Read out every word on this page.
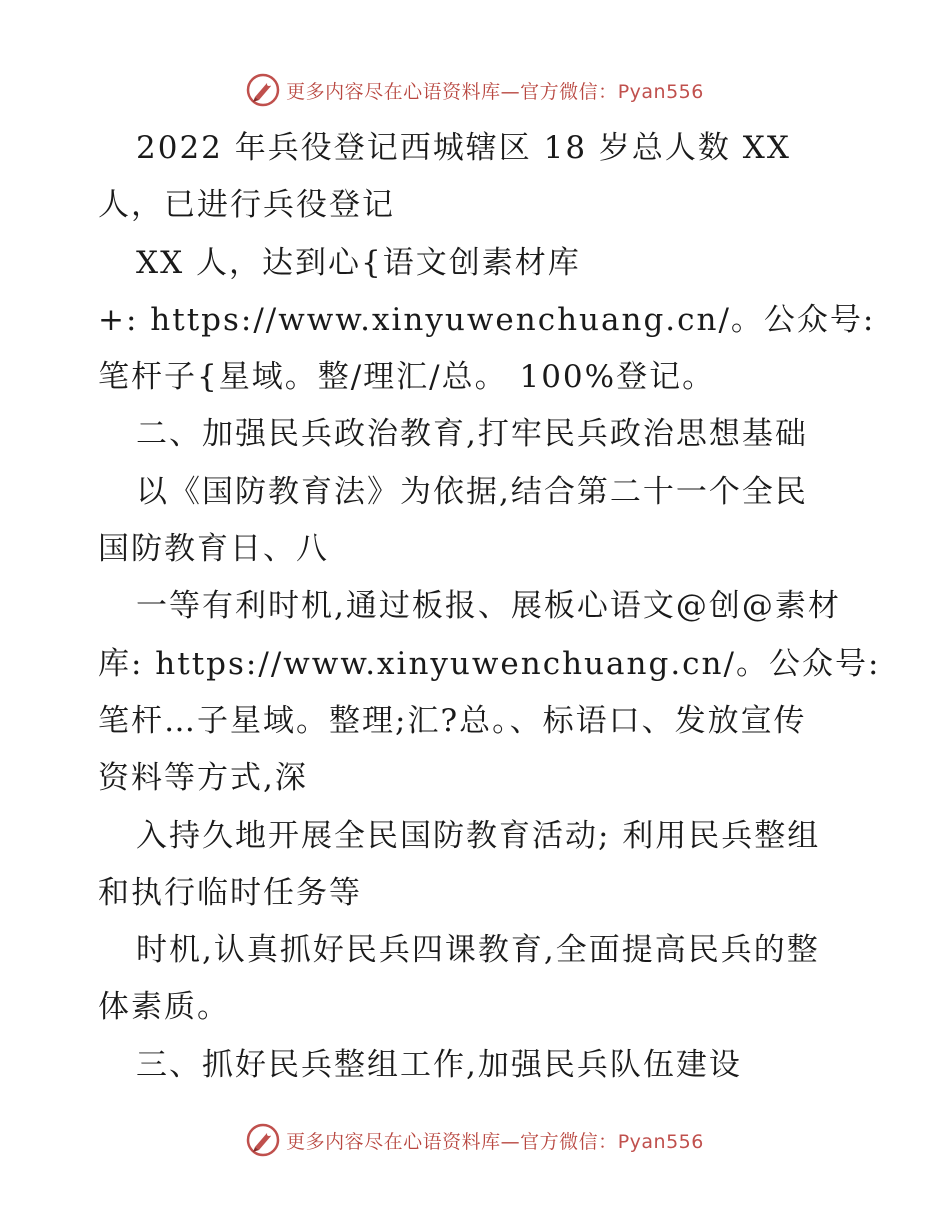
更多内容尽在心语资料库—官方微信：Pyan556
2022 年兵役登记西城辖区 18 岁总人数 XX
人，已进行兵役登记
XX 人，达到心{语文创素材库
+: https://www.xinyuwenchuang.cn/。公众号:
笔杆子{星域。整/理汇/总。 100%登记。
二、加强民兵政治教育,打牢民兵政治思想基础
以《国防教育法》为依据,结合第二十一个全民
国防教育日、八
一等有利时机,通过板报、展板心语文@创@素材
库: https://www.xinyuwenchuang.cn/。公众号:
笔杆…子星域。整理;汇?总。、标语口、发放宣传
资料等方式,深
入持久地开展全民国防教育活动; 利用民兵整组
和执行临时任务等
时机,认真抓好民兵四课教育,全面提高民兵的整
体素质。
三、抓好民兵整组工作,加强民兵队伍建设
更多内容尽在心语资料库—官方微信：Pyan556
